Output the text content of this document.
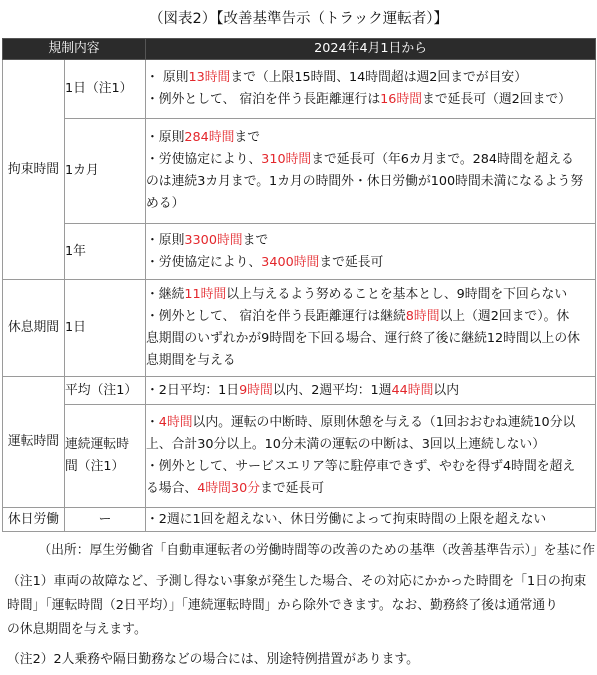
（図表2）【改善基準告示（トラック運転者）】
規制内容		2024年4月1日から
拘束時間	1日（注1）	・ 原則13時間まで（上限15時間、14時間超は週2回までが目安）
・例外として、 宿泊を伴う長距離運行は16時間まで延長可（週2回まで）

	1カ月	・原則284時間まで
・労使協定により、310時間まで延長可（年6カ月まで。284時間を超える
のは連続3カ月まで。1カ月の時間外・休日労働が100時間未満になるよう努
める）

	1年	・原則3300時間まで
・労使協定により、3400時間まで延長可

休息期間	1日	・継続11時間以上与えるよう努めることを基本とし、9時間を下回らない
・例外として、 宿泊を伴う長距離運行は継続8時間以上（週2回まで）。休
息期間のいずれかが9時間を下回る場合、運行終了後に継続12時間以上の休
息期間を与える

運転時間	平均（注1）	・2日平均：1日9時間以内、2週平均：1週44時間以内

	連続運転時間（注1）	・4時間以内。運転の中断時、原則休憩を与える（1回おおむね連続10分以
上、合計30分以上。10分未満の運転の中断は、3回以上連続しない）
・例外として、サービスエリア等に駐停車できず、やむを得ず4時間を超え
る場合、4時間30分まで延長可

休日労働	ー	・2週に1回を超えない、休日労働によって拘束時間の上限を超えない
（出所：厚生労働省「自動車運転者の労働時間等の改善のための基準（改善基準告示）」を基に作
（注1）車両の故障など、予測し得ない事象が発生した場合、その対応にかかった時間を「1日の拘束
時間」「運転時間（2日平均）」「連続運転時間」から除外できます。なお、勤務終了後は通常通り
の休息期間を与えます。
（注2）2人乗務や隔日勤務などの場合には、別途特例措置があります。
